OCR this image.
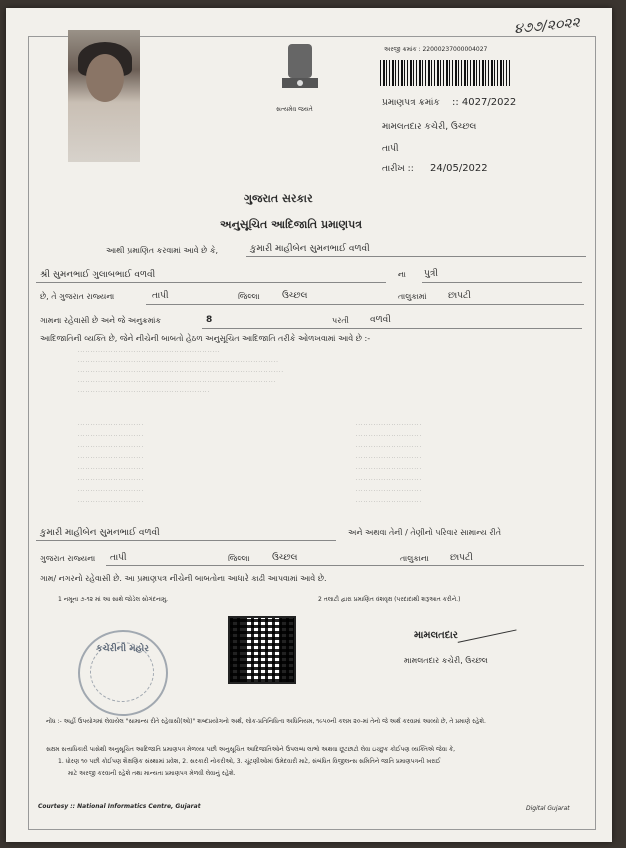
૪૭૭/૨૦૨૨
સત્યમેવ જયતે
અરજી ક્રમાંક : 22000237000004027
પ્રમાણપત્ર ક્રમાંક :: 4027/2022
મામલતદાર કચેરી, ઉચ્છલ
તાપી
તારીખ :: 24/05/2022
ગુજરાત સરકાર
અનુસૂચિત આદિજાતિ પ્રમાણપત્ર
આથી પ્રમાણિત કરવામાં આવે છે કે,	કુમારી માહીબેન સુમનભાઈ વળવી
શ્રી સુમનભાઈ ગુલાબભાઈ વળવી	ના પુત્રી
છે, તે ગુજરાત રાજ્યના	તાપી	જિલ્લા ઉચ્છલ	તાલુકામાં છાપટી
ગામના રહેવાસી છે અને જે અનુક્રમાંક	8	પરતી વળવી
આદિજાતિની વ્યક્તિ છે, જેને નીચેની બાબતો હેઠળ અનુસૂચિત આદિજાતિ તરીકે ઓળખવામાં આવે છે :-
. . . . . . . . . . . . . . . . . . . . . . . . . . . . . . . . . . . . . . . . . . . . . . . . . . . . . . . .
. . . . . . . . . . . . . . . . . . . . . . . . . . . . . . . . . . . . . . . . . . . . . . . . . . . . . . . . . . . . . . . . . . . . . . . . . . . . . . .
. . . . . . . . . . . . . . . . . . . . . . . . . . . . . . . . . . . . . . . . . . . . . . . . . . . . . . . . . . . . . . . . . . . . . . . . . . . . . . . . .
. . . . . . . . . . . . . . . . . . . . . . . . . . . . . . . . . . . . . . . . . . . . . . . . . . . . . . . . . . . . . . . . . . . . . . . . . . . . . .
. . . . . . . . . . . . . . . . . . . . . . . . . . . . . . . . . . . . . . . . . . . . . . . . . . . .
. . . . . . . . . . . . . . . . . . . . . . . . . .
. . . . . . . . . . . . . . . . . . . . . . . . . .
. . . . . . . . . . . . . . . . . . . . . . . . . .
. . . . . . . . . . . . . . . . . . . . . . . . . .
. . . . . . . . . . . . . . . . . . . . . . . . . .
. . . . . . . . . . . . . . . . . . . . . . . . . .
. . . . . . . . . . . . . . . . . . . . . . . . . .
. . . . . . . . . . . . . . . . . . . . . . . . . .
. . . . . . . . . . . . . . . . . . . . . . . . . .
. . . . . . . . . . . . . . . . . . . . . . . . . .
. . . . . . . . . . . . . . . . . . . . . . . . . .
. . . . . . . . . . . . . . . . . . . . . . . . . .
. . . . . . . . . . . . . . . . . . . . . . . . . .
. . . . . . . . . . . . . . . . . . . . . . . . . .
. . . . . . . . . . . . . . . . . . . . . . . . . .
. . . . . . . . . . . . . . . . . . . . . . . . . .
કુમારી માહીબેન સુમનભાઈ વળવી	અને અથવા તેની / તેણીનો પરિવાર સામાન્ય રીતે
ગુજરાત રાજ્યના તાપી	જિલ્લા ઉચ્છલ	તાલુકાના છાપટી
ગામ/ નગરનો રહેવાસી છે. આ પ્રમાણપત્ર નીચેની બાબતોના આધારે કાઢી આપવામાં આવે છે.
1 નમૂના ૭-૧૨ માં આ સાથે જોડેલ સોગંદનામુ.	2 તલાટી દ્વારા પ્રમાણિત વંશવૃક્ષ (પરદાદાથી શરૂઆત કરીને.)
કચેરીની મહોર
મામલતદાર
મામલતદાર કચેરી, ઉચ્છલ
નોંધ :- અહીં ઉપયોગમાં લેવાયેલ "સામાન્ય રીતે રહેવાસી(ઓ)" શબ્દપ્રયોગનો અર્થ, લોક-પ્રતિનિધિત્વ અધિનિયમ, ૧૯૫૦ની કલમ ૨૦-માં તેનો જે અર્થ કરવામાં આવ્યો છે, તે પ્રમાણે રહેશે.
સક્ષમ સત્તાધિકારી પાસેથી અનુસૂચિત આદિજાતિ પ્રમાણપત્ર મેળવ્યા પછી અનુસૂચિત આદિજાતિઓને ઉપલબ્ધ લાભો અથવા છૂટછાટો લેવા ઇચ્છુક કોઈપણ વ્યક્તિએ જેવા કે,
1. ધોરણ ૧૦ પછી કોઈપણ શૈક્ષણિક સંસ્થામાં પ્રવેશ, 2. સરકારી નોકરીઓ, 3. ચૂંટણીઓમાં ઉમેદવારી માટે, સંબંધિત વિજીલન્સ સમિતિને જાતિ પ્રમાણપત્રની ખરાઈ
માટે અરજી કરવાની રહેશે તથા માન્યતા પ્રમાણપત્ર મેળવી લેવાનું રહેશે.
Courtesy :: National Informatics Centre, Gujarat	Digital Gujarat
